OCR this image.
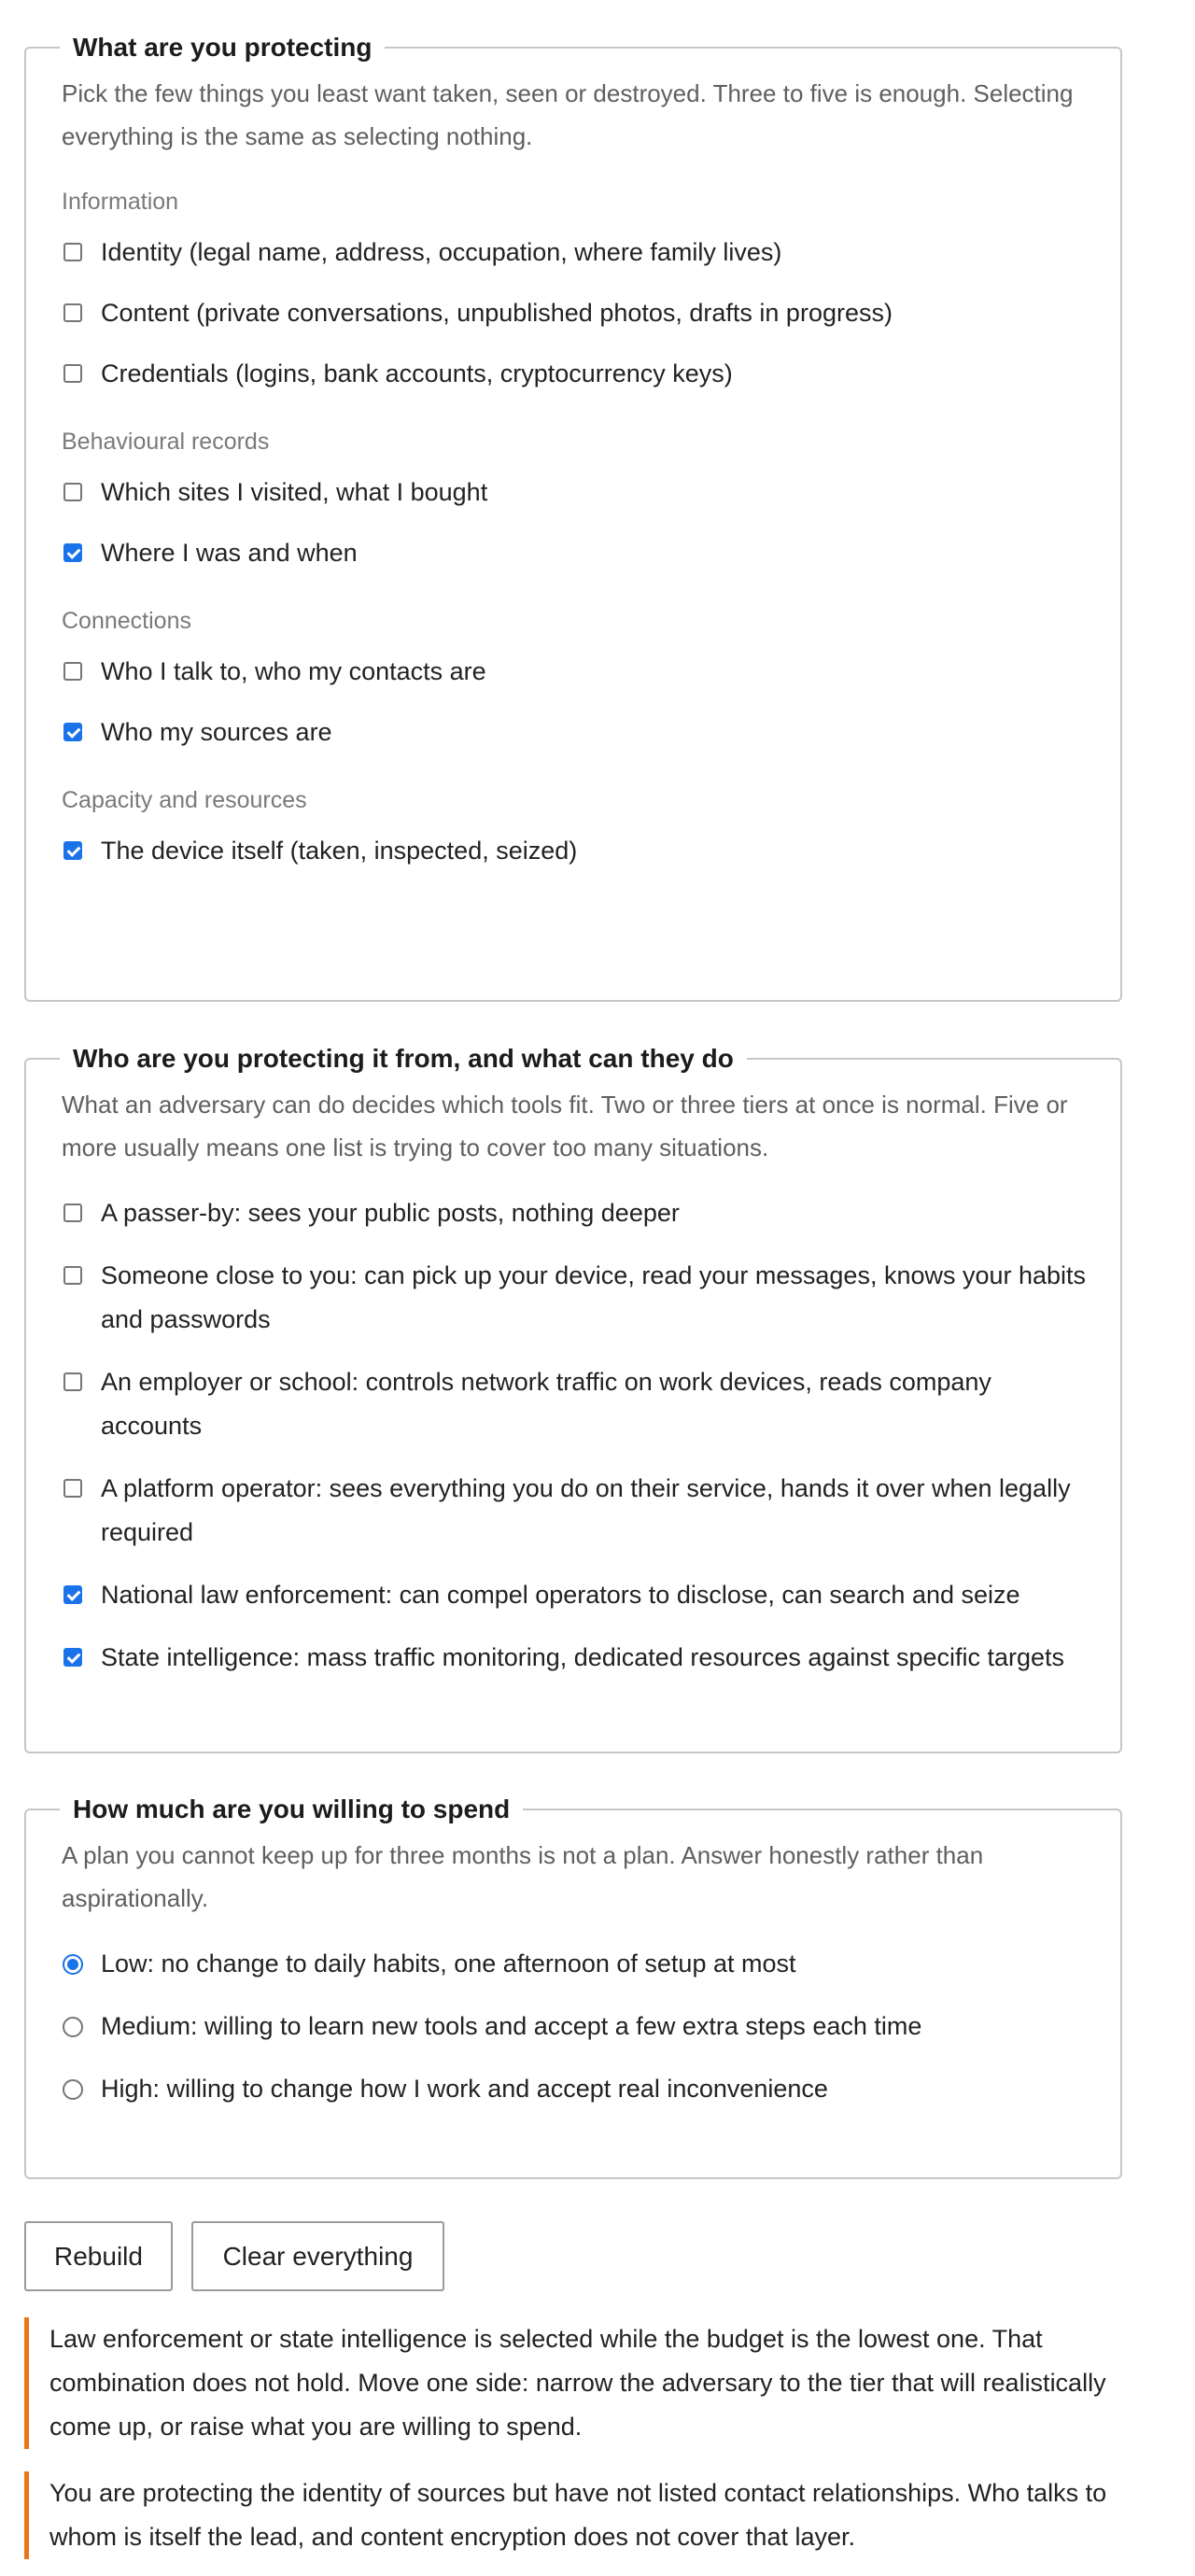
What are you protecting

Pick the few things you least want taken, seen or destroyed. Three to five is enough. Selecting everything is the same as selecting nothing.

Information

Identity (legal name, address, occupation, where family lives)
Content (private conversations, unpublished photos, drafts in progress)
Credentials (logins, bank accounts, cryptocurrency keys)

Behavioural records

Which sites I visited, what I bought
Where I was and when

Connections

Who I talk to, who my contacts are
Who my sources are

Capacity and resources

The device itself (taken, inspected, seized)
Who are you protecting it from, and what can they do

What an adversary can do decides which tools fit. Two or three tiers at once is normal. Five or more usually means one list is trying to cover too many situations.

A passer-by: sees your public posts, nothing deeper
Someone close to you: can pick up your device, read your messages, knows your habits and passwords
An employer or school: controls network traffic on work devices, reads company accounts
A platform operator: sees everything you do on their service, hands it over when legally required
National law enforcement: can compel operators to disclose, can search and seize
State intelligence: mass traffic monitoring, dedicated resources against specific targets
How much are you willing to spend

A plan you cannot keep up for three months is not a plan. Answer honestly rather than aspirationally.

Low: no change to daily habits, one afternoon of setup at most
Medium: willing to learn new tools and accept a few extra steps each time
High: willing to change how I work and accept real inconvenience
Rebuild	Clear everything
Law enforcement or state intelligence is selected while the budget is the lowest one. That combination does not hold. Move one side: narrow the adversary to the tier that will realistically come up, or raise what you are willing to spend.
You are protecting the identity of sources but have not listed contact relationships. Who talks to whom is itself the lead, and content encryption does not cover that layer.
